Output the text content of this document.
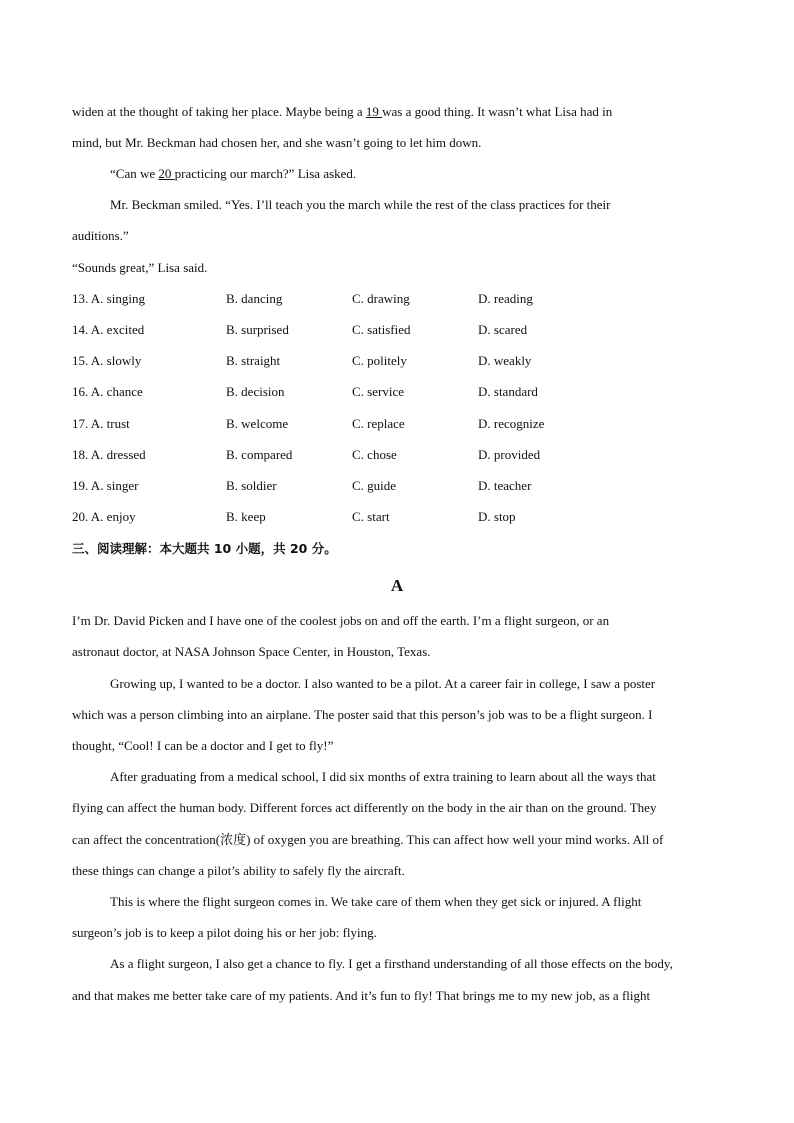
widen at the thought of taking her place. Maybe being a 19 was a good thing. It wasn’t what Lisa had in
mind, but Mr. Beckman had chosen her, and she wasn’t going to let him down.
“Can we 20 practicing our march?” Lisa asked.
Mr. Beckman smiled. “Yes. I’ll teach you the march while the rest of the class practices for their
auditions.”
“Sounds great,” Lisa said.
13. A. singing	B. dancing	C. drawing	D. reading
14. A. excited	B. surprised	C. satisfied	D. scared
15. A. slowly	B. straight	C. politely	D. weakly
16. A. chance	B. decision	C. service	D. standard
17. A. trust	B. welcome	C. replace	D. recognize
18. A. dressed	B. compared	C. chose	D. provided
19. A. singer	B. soldier	C. guide	D. teacher
20. A. enjoy	B. keep	C. start	D. stop
三、阅读理解：本大题共 10 小题，共 20 分。
A
I’m Dr. David Picken and I have one of the coolest jobs on and off the earth. I’m a flight surgeon, or an
astronaut doctor, at NASA Johnson Space Center, in Houston, Texas.
Growing up, I wanted to be a doctor. I also wanted to be a pilot. At a career fair in college, I saw a poster
which was a person climbing into an airplane. The poster said that this person’s job was to be a flight surgeon. I
thought, “Cool! I can be a doctor and I get to fly!”
After graduating from a medical school, I did six months of extra training to learn about all the ways that
flying can affect the human body. Different forces act differently on the body in the air than on the ground. They
can affect the concentration(浓度) of oxygen you are breathing. This can affect how well your mind works. All of
these things can change a pilot’s ability to safely fly the aircraft.
This is where the flight surgeon comes in. We take care of them when they get sick or injured. A flight
surgeon’s job is to keep a pilot doing his or her job: flying.
As a flight surgeon, I also get a chance to fly. I get a firsthand understanding of all those effects on the body,
and that makes me better take care of my patients. And it’s fun to fly! That brings me to my new job, as a flight
